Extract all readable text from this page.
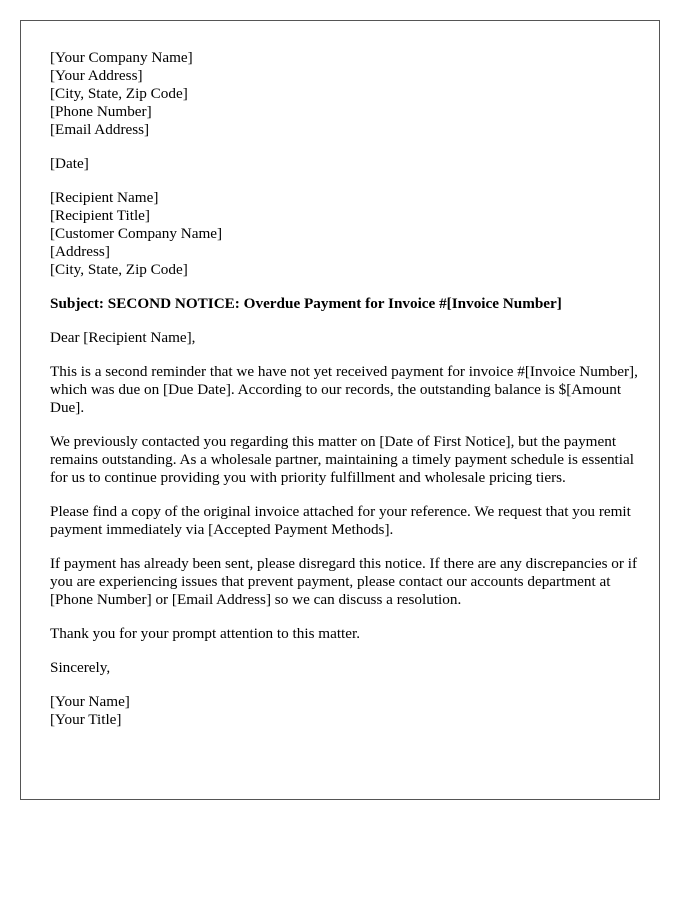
[Your Company Name]
[Your Address]
[City, State, Zip Code]
[Phone Number]
[Email Address]
[Date]
[Recipient Name]
[Recipient Title]
[Customer Company Name]
[Address]
[City, State, Zip Code]

Subject: SECOND NOTICE: Overdue Payment for Invoice #[Invoice Number]

Dear [Recipient Name],

This is a second reminder that we have not yet received payment for invoice #[Invoice Number], which was due on [Due Date]. According to our records, the outstanding balance is $[Amount Due].

We previously contacted you regarding this matter on [Date of First Notice], but the payment remains outstanding. As a wholesale partner, maintaining a timely payment schedule is essential for us to continue providing you with priority fulfillment and wholesale pricing tiers.

Please find a copy of the original invoice attached for your reference. We request that you remit payment immediately via [Accepted Payment Methods].

If payment has already been sent, please disregard this notice. If there are any discrepancies or if you are experiencing issues that prevent payment, please contact our accounts department at [Phone Number] or [Email Address] so we can discuss a resolution.

Thank you for your prompt attention to this matter.

Sincerely,

[Your Name]
[Your Title]
